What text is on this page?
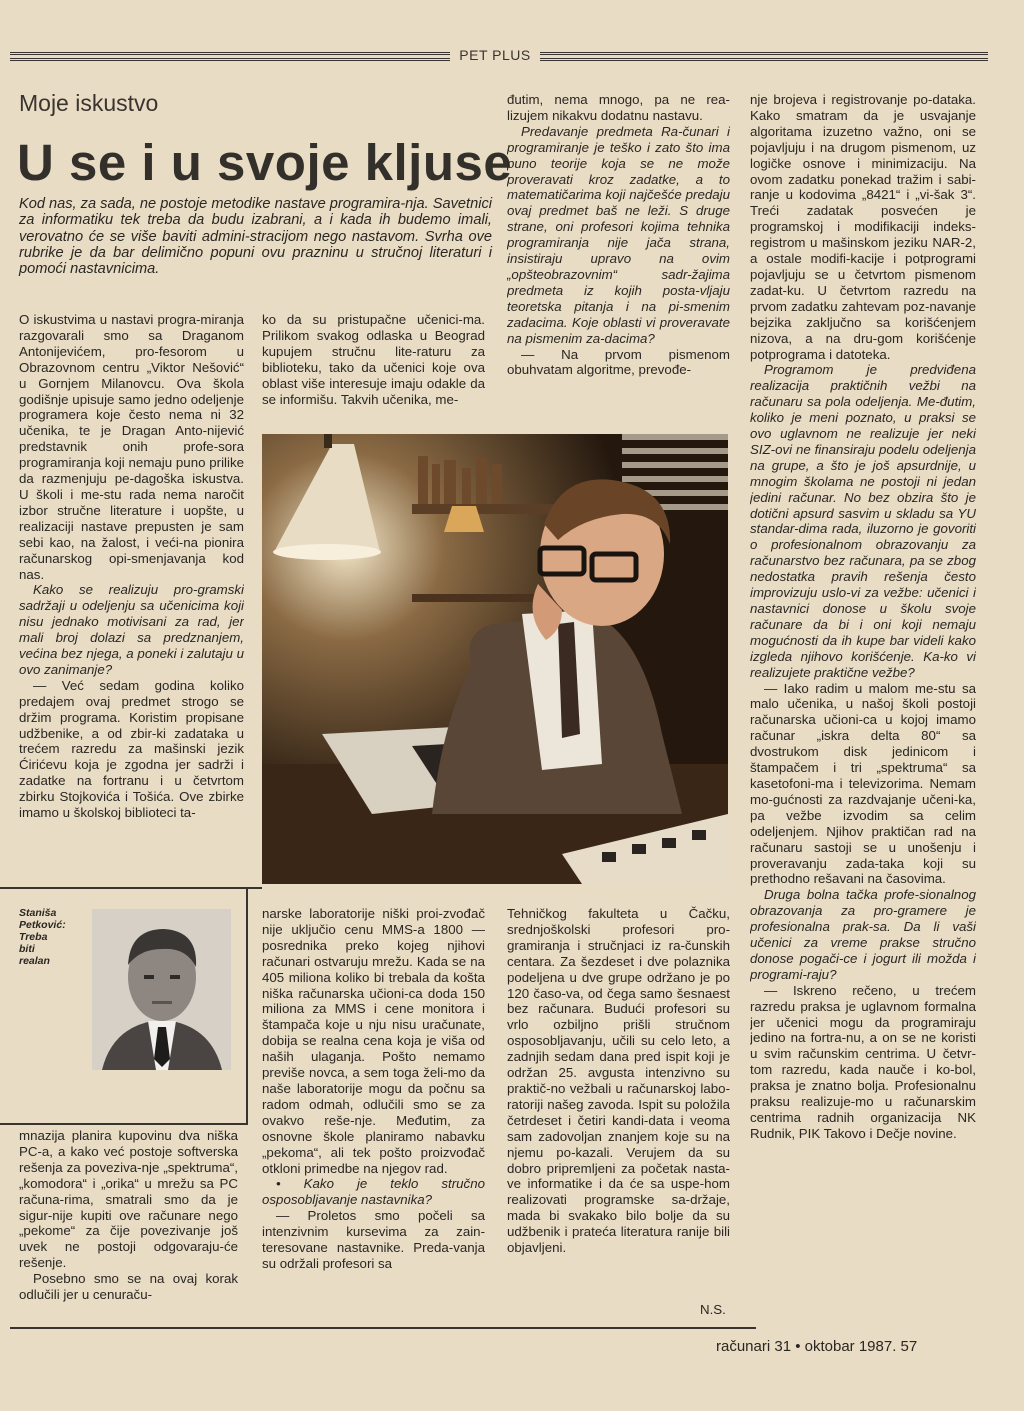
PET PLUS
Moje iskustvo
U se i u svoje kljuse
Kod nas, za sada, ne postoje metodike nastave programira-nja. Savetnici za informatiku tek treba da budu izabrani, a i kada ih budemo imali, verovatno će se više baviti admini-stracijom nego nastavom. Svrha ove rubrike je da bar delimično popuni ovu prazninu u stručnoj literaturi i pomoći nastavnicima.

O iskustvima u nastavi progra-miranja razgovarali smo sa Draganom Antonijevićem, pro-fesorom u Obrazovnom centru „Viktor Nešović“ u Gornjem Milanovcu. Ova škola godišnje upisuje samo jedno odeljenje programera koje često nema ni 32 učenika, te je Dragan Anto-nijević predstavnik onih profe-sora programiranja koji nemaju puno prilike da razmenjuju pe-dagoška iskustva. U školi i me-stu rada nema naročit izbor stručne literature i uopšte, u realizaciji nastave prepusten je sam sebi kao, na žalost, i veći-na pionira računarskog opi-smenjavanja kod nas.

Kako se realizuju pro-gramski sadržaji u odeljenju sa učenicima koji nisu jednako motivisani za rad, jer mali broj dolazi sa predznanjem, većina bez njega, a poneki i zalutaju u ovo zanimanje?

— Već sedam godina koliko predajem ovaj predmet strogo se držim programa. Koristim propisane udžbenike, a od zbir-ki zadataka u trećem razredu za mašinski jezik Ćirićevu koja je zgodna jer sadrži i zadatke na fortranu i u četvrtom zbirku Stojkovića i Tošića. Ove zbirke imamo u školskoj biblioteci ta-

ko da su pristupačne učenici-ma. Prilikom svakog odlaska u Beograd kupujem stručnu lite-raturu za biblioteku, tako da učenici koje ova oblast više interesuje imaju odakle da se informišu. Takvih učenika, me-

đutim, nema mnogo, pa ne rea-lizujem nikakvu dodatnu nastavu.

Predavanje predmeta Ra-čunari i programiranje je teško i zato što ima puno teorije koja se ne može proveravati kroz zadatke, a to matematičarima koji najčešće predaju ovaj predmet baš ne leži. S druge strane, oni profesori kojima tehnika programiranja nije jača strana, insistiraju upravo na ovim „opšteobrazovnim“ sadr-žajima predmeta iz kojih posta-vljaju teoretska pitanja i na pi-smenim zadacima. Koje oblasti vi proveravate na pismenim za-dacima?

— Na prvom pismenom obuhvatam algoritme, prevođe-

nje brojeva i registrovanje po-dataka. Kako smatram da je usvajanje algoritama izuzetno važno, oni se pojavljuju i na drugom pismenom, uz logičke osnove i minimizaciju. Na ovom zadatku ponekad tražim i sabi-ranje u kodovima „8421“ i „vi-šak 3“. Treći zadatak posvećen je programskoj i modifikaciji indeks-registrom u mašinskom jeziku NAR-2, a ostale modifi-kacije i potprogrami pojavljuju se u četvrtom pismenom zadat-ku. U četvrtom razredu na prvom zadatku zahtevam poz-navanje bejzika zaključno sa korišćenjem nizova, a na dru-gom korišćenje potprograma i datoteka.

Programom je predviđena realizacija praktičnih vežbi na računaru sa pola odeljenja. Me-đutim, koliko je meni poznato, u praksi se ovo uglavnom ne realizuje jer neki SIZ-ovi ne finansiraju podelu odeljenja na grupe, a što je još apsurdnije, u mnogim školama ne postoji ni jedan jedini računar. No bez obzira što je dotični apsurd sasvim u skladu sa YU standar-dima rada, iluzorno je govoriti o profesionalnom obrazovanju za računarstvo bez računara, pa se zbog nedostatka pravih rešenja često improvizuju uslo-vi za vežbe: učenici i nastavnici donose u školu svoje računare da bi i oni koji nemaju mogućnosti da ih kupe bar videli kako izgleda njihovo korišćenje. Ka-ko vi realizujete praktične vežbe?

— Iako radim u malom me-stu sa malo učenika, u našoj školi postoji računarska učioni-ca u kojoj imamo računar „iskra delta 80“ sa dvostrukom disk jedinicom i štampačem i tri „spektruma“ sa kasetofoni-ma i televizorima. Nemam mo-gućnosti za razdvajanje učeni-ka, pa vežbe izvodim sa celim odeljenjem. Njihov praktičan rad na računaru sastoji se u unošenju i proveravanju zada-taka koji su prethodno rešavani na časovima.

Druga bolna tačka profe-sionalnog obrazovanja za pro-gramere je profesionalna prak-sa. Da li vaši učenici za vreme prakse stručno donose pogači-ce i jogurt ili možda i programi-raju?

— Iskreno rečeno, u trećem razredu praksa je uglavnom formalna jer učenici mogu da programiraju jedino na fortra-nu, a on se ne koristi u svim računskim centrima. U četvr-tom razredu, kada nauče i ko-bol, praksa je znatno bolja. Profesionalnu praksu realizuje-mo u računarskim centrima radnih organizacija NK Rudnik, PIK Takovo i Dečje novine.

Staniša
Petković:
Treba
biti
realan

mnazija planira kupovinu dva niška PC-a, a kako već postoje softverska rešenja za poveziva-nje „spektruma“, „komodora“ i „orika“ u mrežu sa PC računa-rima, smatrali smo da je sigur-nije kupiti ove računare nego „pekome“ za čije povezivanje još uvek ne postoji odgovaraju-će rešenje.

Posebno smo se na ovaj korak odlučili jer u cenuraču-

narske laboratorije niški proi-zvođač nije uključio cenu MMS-a 1800 — posrednika preko kojeg njihovi računari ostvaruju mrežu. Kada se na 405 miliona koliko bi trebala da košta niška računarska učioni-ca doda 150 miliona za MMS i cene monitora i štampača koje u nju nisu uračunate, dobija se realna cena koja je viša od naših ulaganja. Pošto nemamo previše novca, a sem toga želi-mo da naše laboratorije mogu da počnu sa radom odmah, odlučili smo se za ovakvo reše-nje. Međutim, za osnovne škole planiramo nabavku „pekoma“, ali tek pošto proizvođač otkloni primedbe na njegov rad.

• Kako je teklo stručno osposobljavanje nastavnika?

— Proletos smo počeli sa intenzivnim kursevima za zain-teresovane nastavnike. Preda-vanja su održali profesori sa

Tehničkog fakulteta u Čačku, srednjoškolski profesori pro-gramiranja i stručnjaci iz ra-čunskih centara. Za šezdeset i dve polaznika podeljena u dve grupe održano je po 120 časo-va, od čega samo šesnaest bez računara. Budući profesori su vrlo ozbiljno prišli stručnom osposobljavanju, učili su celo leto, a zadnjih sedam dana pred ispit koji je održan 25. avgusta intenzivno su praktič-no vežbali u računarskoj labo-ratoriji našeg zavoda. Ispit su položila četrdeset i četiri kandi-data i veoma sam zadovoljan znanjem koje su na njemu po-kazali. Verujem da su dobro pripremljeni za početak nasta-ve informatike i da će sa uspe-hom realizovati programske sa-držaje, mada bi svakako bilo bolje da su udžbenik i prateća literatura ranije bili objavljeni.

N.S.
računari 31 • oktobar 1987. 57
